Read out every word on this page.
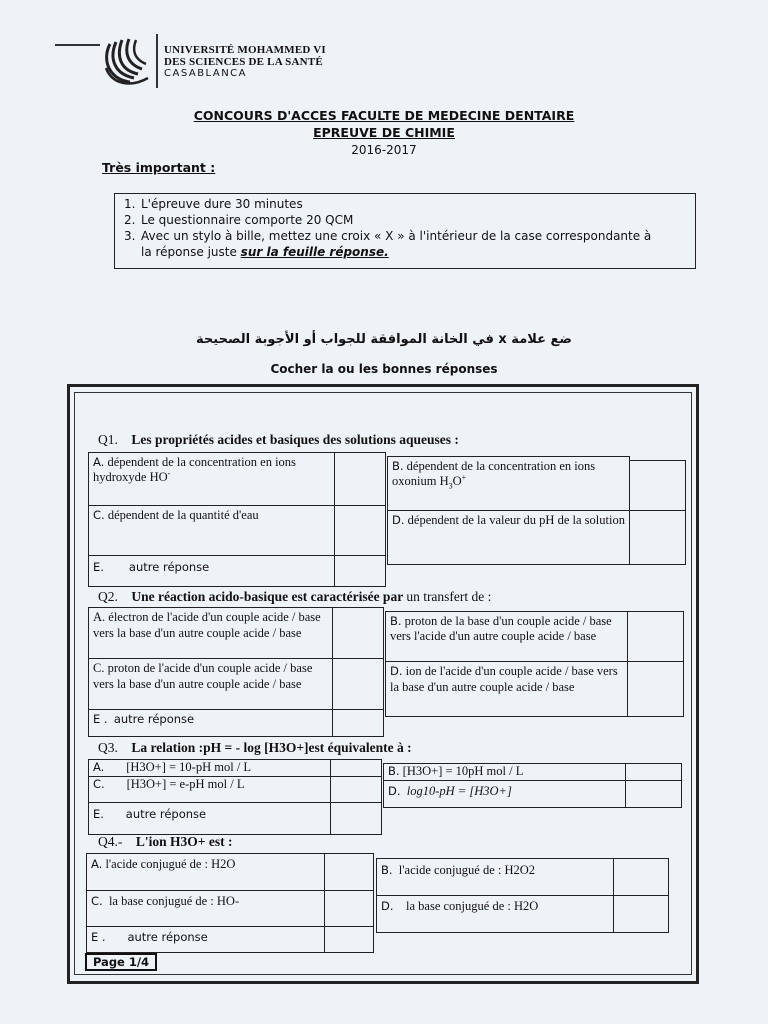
UNIVERSITÉ MOHAMMED VI
DES SCIENCES DE LA SANTÉ
CASABLANCA
CONCOURS D'ACCES FACULTE DE MEDECINE DENTAIRE
EPREUVE DE CHIMIE
2016-2017
Très important :
1. L'épreuve dure 30 minutes
2. Le questionnaire comporte 20 QCM
3. Avec un stylo à bille, mettez une croix « X » à l'intérieur de la case correspondante à
la réponse juste sur la feuille réponse.
ضع علامة x في الخانة الموافقة للجواب أو الأجوبة الصحيحة
Cocher la ou les bonnes réponses
Q1. Les propriétés acides et basiques des solutions aqueuses :
A. dépendent de la concentration en ions hydroxyde HO-
B. dépendent de la concentration en ions oxonium $H_3O^+$
C. dépendent de la quantité d'eau	D. dépendent de la valeur du pH de la solution
E. autre réponse
Q2. Une réaction acido-basique est caractérisée par un transfert de :
A. électron de l'acide d'un couple acide / base vers la base d'un autre couple acide / base
B. proton de la base d'un couple acide / base vers l'acide d'un autre couple acide / base
C. proton de l'acide d'un couple acide / base vers la base d'un autre couple acide / base
D. ion de l'acide d'un couple acide / base vers la base d'un autre couple acide / base
E . autre réponse
Q3. La relation :pH = - log [H3O+]est équivalente à :
A. [H3O+] = 10-pH mol / L	B. [H3O+] = 10pH mol / L
C. [H3O+] = e-pH mol / L	D. log10-pH = [H3O+]
E. autre réponse
Q4.- L'ion H3O+ est :
A. l'acide conjugué de : H2O	B. l'acide conjugué de : H2O2
C. la base conjugué de : HO-	D. la base conjugué de : H2O
E . autre réponse
Page 1/4
